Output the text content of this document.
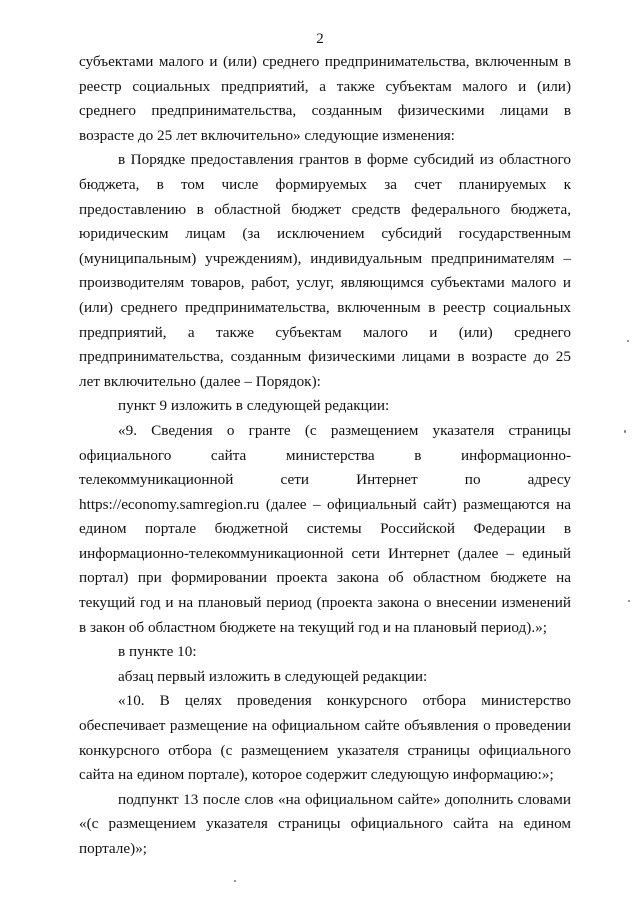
2

субъектами малого и (или) среднего предпринимательства, включенным в реестр социальных предприятий, а также субъектам малого и (или) среднего предпринимательства, созданным физическими лицами в возрасте до 25 лет включительно» следующие изменения:

в Порядке предоставления грантов в форме субсидий из областного бюджета, в том числе формируемых за счет планируемых к предоставлению в областной бюджет средств федерального бюджета, юридическим лицам (за исключением субсидий государственным (муниципальным) учреждениям), индивидуальным предпринимателям – производителям товаров, работ, услуг, являющимся субъектами малого и (или) среднего предпринимательства, включенным в реестр социальных предприятий, а также субъектам малого и (или) среднего предпринимательства, созданным физическими лицами в возрасте до 25 лет включительно (далее – Порядок):

пункт 9 изложить в следующей редакции:

«9. Сведения о гранте (с размещением указателя страницы официального сайта министерства в информационно-телекоммуникационной сети Интернет по адресу https://economy.samregion.ru (далее – официальный сайт) размещаются на едином портале бюджетной системы Российской Федерации в информационно-телекоммуникационной сети Интернет (далее – единый портал) при формировании проекта закона об областном бюджете на текущий год и на плановый период (проекта закона о внесении изменений в закон об областном бюджете на текущий год и на плановый период).»;

в пункте 10:

абзац первый изложить в следующей редакции:

«10. В целях проведения конкурсного отбора министерство обеспечивает размещение на официальном сайте объявления о проведении конкурсного отбора (с размещением указателя страницы официального сайта на едином портале), которое содержит следующую информацию:»;

подпункт 13 после слов «на официальном сайте» дополнить словами «(с размещением указателя страницы официального сайта на едином портале)»;
